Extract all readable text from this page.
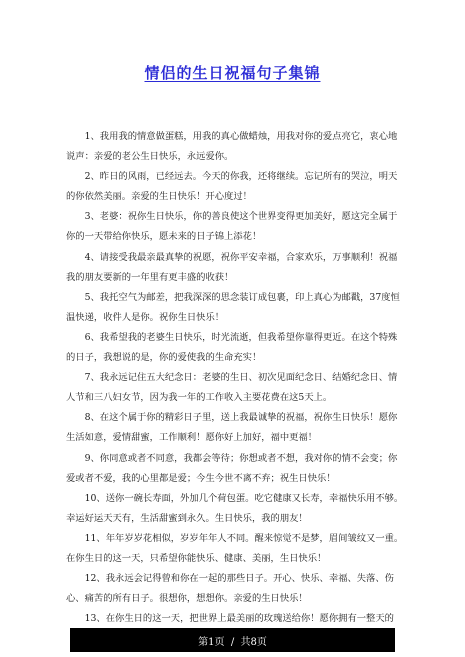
情侣的生日祝福句子集锦

1、我用我的情意做蛋糕，用我的真心做蜡烛，用我对你的爱点亮它，衷心地说声：亲爱的老公生日快乐，永远爱你。

2、昨日的风雨，已经远去。今天的你我，还将继续。忘记所有的哭泣，明天的你依然美丽。亲爱的生日快乐！开心度过！

3、老婆：祝你生日快乐，你的善良使这个世界变得更加美好，愿这完全属于你的一天带给你快乐，愿未来的日子锦上添花！

4、请接受我最亲最真挚的祝愿，祝你平安幸福，合家欢乐，万事顺利！祝福我的朋友要新的一年里有更丰盛的收获！

5、我托空气为邮差，把我深深的思念装订成包裹，印上真心为邮戳，37度恒温快递，收件人是你。祝你生日快乐！

6、我希望我的老婆生日快乐，时光流逝，但我希望你靠得更近。在这个特殊的日子，我想说的是，你的爱使我的生命充实！

7、我永远记住五大纪念日：老婆的生日、初次见面纪念日、结婚纪念日、情人节和三八妇女节，因为我一年的工作收入主要花费在这5天上。

8、在这个属于你的精彩日子里，送上我最诚挚的祝福，祝你生日快乐！愿你生活如意，爱情甜蜜，工作顺利！愿你好上加好，福中更福！

9、你同意或者不同意，我都会等待；你想或者不想，我对你的情不会变；你爱或者不爱，我的心里都是爱；今生今世不离不弃；祝生日快乐！

10、送你一碗长寿面，外加几个荷包蛋。吃它健康又长寿，幸福快乐用不够。幸运好运天天有，生活甜蜜到永久。生日快乐，我的朋友！

11、年年岁岁花相似，岁岁年年人不同。醒来惊觉不是梦，眉间皱纹又一重。在你生日的这一天，只希望你能快乐、健康、美丽，生日快乐！

12、我永远会记得曾和你在一起的那些日子。开心、快乐、幸福、失落、伤心、痛苦的所有日子。很想你，想想你。亲爱的生日快乐！

13、在你生日的这一天，把世界上最美丽的玫瑰送给你！愿你拥有一整天的

第1页  /  共8页
